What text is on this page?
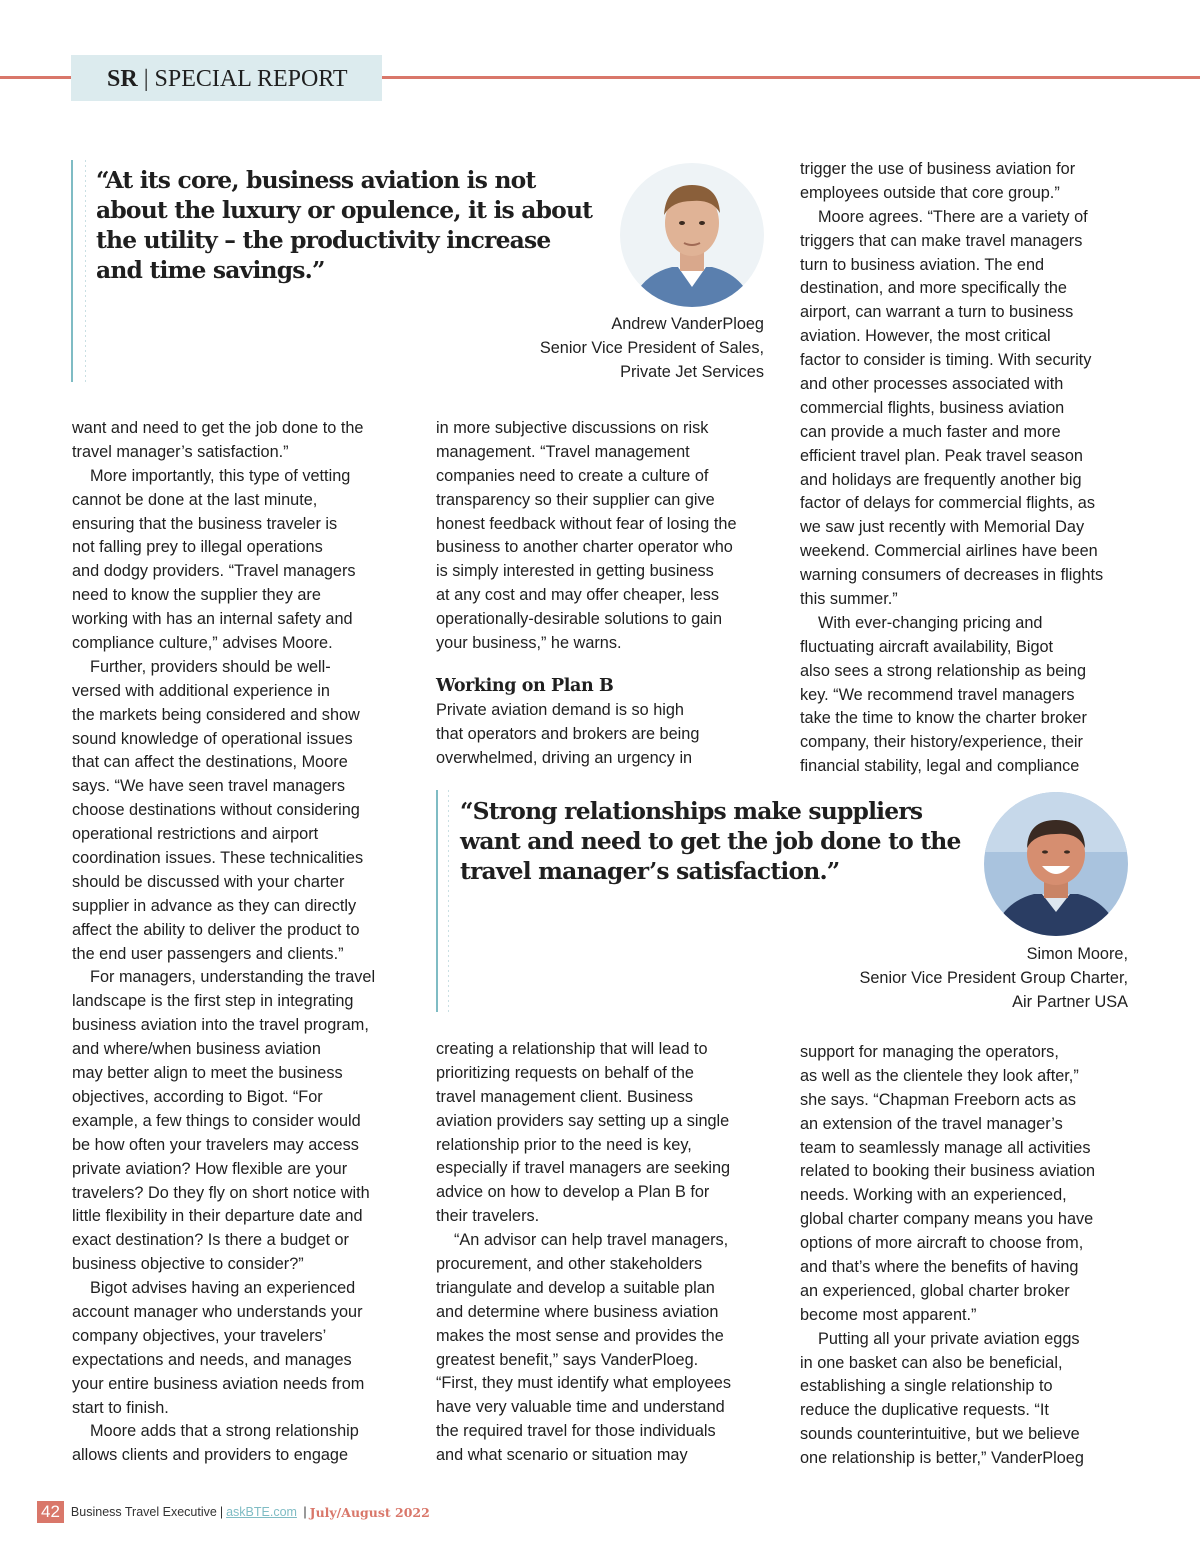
SR | SPECIAL REPORT
“At its core, business aviation is not
about the luxury or opulence, it is about
the utility – the productivity increase
and time savings.”
Andrew VanderPloeg
Senior Vice President of Sales,
Private Jet Services
want and need to get the job done to the
travel manager’s satisfaction.”
More importantly, this type of vetting
cannot be done at the last minute,
ensuring that the business traveler is
not falling prey to illegal operations
and dodgy providers. “Travel managers
need to know the supplier they are
working with has an internal safety and
compliance culture,” advises Moore.
Further, providers should be well-
versed with additional experience in
the markets being considered and show
sound knowledge of operational issues
that can affect the destinations, Moore
says. “We have seen travel managers
choose destinations without considering
operational restrictions and airport
coordination issues. These technicalities
should be discussed with your charter
supplier in advance as they can directly
affect the ability to deliver the product to
the end user passengers and clients.”
For managers, understanding the travel
landscape is the first step in integrating
business aviation into the travel program,
and where/when business aviation
may better align to meet the business
objectives, according to Bigot. “For
example, a few things to consider would
be how often your travelers may access
private aviation? How flexible are your
travelers? Do they fly on short notice with
little flexibility in their departure date and
exact destination? Is there a budget or
business objective to consider?”
Bigot advises having an experienced
account manager who understands your
company objectives, your travelers’
expectations and needs, and manages
your entire business aviation needs from
start to finish.
Moore adds that a strong relationship
allows clients and providers to engage
in more subjective discussions on risk
management. “Travel management
companies need to create a culture of
transparency so their supplier can give
honest feedback without fear of losing the
business to another charter operator who
is simply interested in getting business
at any cost and may offer cheaper, less
operationally-desirable solutions to gain
your business,” he warns.
Working on Plan B
Private aviation demand is so high
that operators and brokers are being
overwhelmed, driving an urgency in
trigger the use of business aviation for
employees outside that core group.”
Moore agrees. “There are a variety of
triggers that can make travel managers
turn to business aviation. The end
destination, and more specifically the
airport, can warrant a turn to business
aviation. However, the most critical
factor to consider is timing. With security
and other processes associated with
commercial flights, business aviation
can provide a much faster and more
efficient travel plan. Peak travel season
and holidays are frequently another big
factor of delays for commercial flights, as
we saw just recently with Memorial Day
weekend. Commercial airlines have been
warning consumers of decreases in flights
this summer.”
With ever-changing pricing and
fluctuating aircraft availability, Bigot
also sees a strong relationship as being
key. “We recommend travel managers
take the time to know the charter broker
company, their history/experience, their
financial stability, legal and compliance
“Strong relationships make suppliers
want and need to get the job done to the
travel manager’s satisfaction.”
Simon Moore,
Senior Vice President Group Charter,
Air Partner USA
creating a relationship that will lead to
prioritizing requests on behalf of the
travel management client. Business
aviation providers say setting up a single
relationship prior to the need is key,
especially if travel managers are seeking
advice on how to develop a Plan B for
their travelers.
“An advisor can help travel managers,
procurement, and other stakeholders
triangulate and develop a suitable plan
and determine where business aviation
makes the most sense and provides the
greatest benefit,” says VanderPloeg.
“First, they must identify what employees
have very valuable time and understand
the required travel for those individuals
and what scenario or situation may
support for managing the operators,
as well as the clientele they look after,”
she says. “Chapman Freeborn acts as
an extension of the travel manager’s
team to seamlessly manage all activities
related to booking their business aviation
needs. Working with an experienced,
global charter company means you have
options of more aircraft to choose from,
and that’s where the benefits of having
an experienced, global charter broker
become most apparent.”
Putting all your private aviation eggs
in one basket can also be beneficial,
establishing a single relationship to
reduce the duplicative requests. “It
sounds counterintuitive, but we believe
one relationship is better,” VanderPloeg
42 Business Travel Executive | askBTE.com | July/August 2022
